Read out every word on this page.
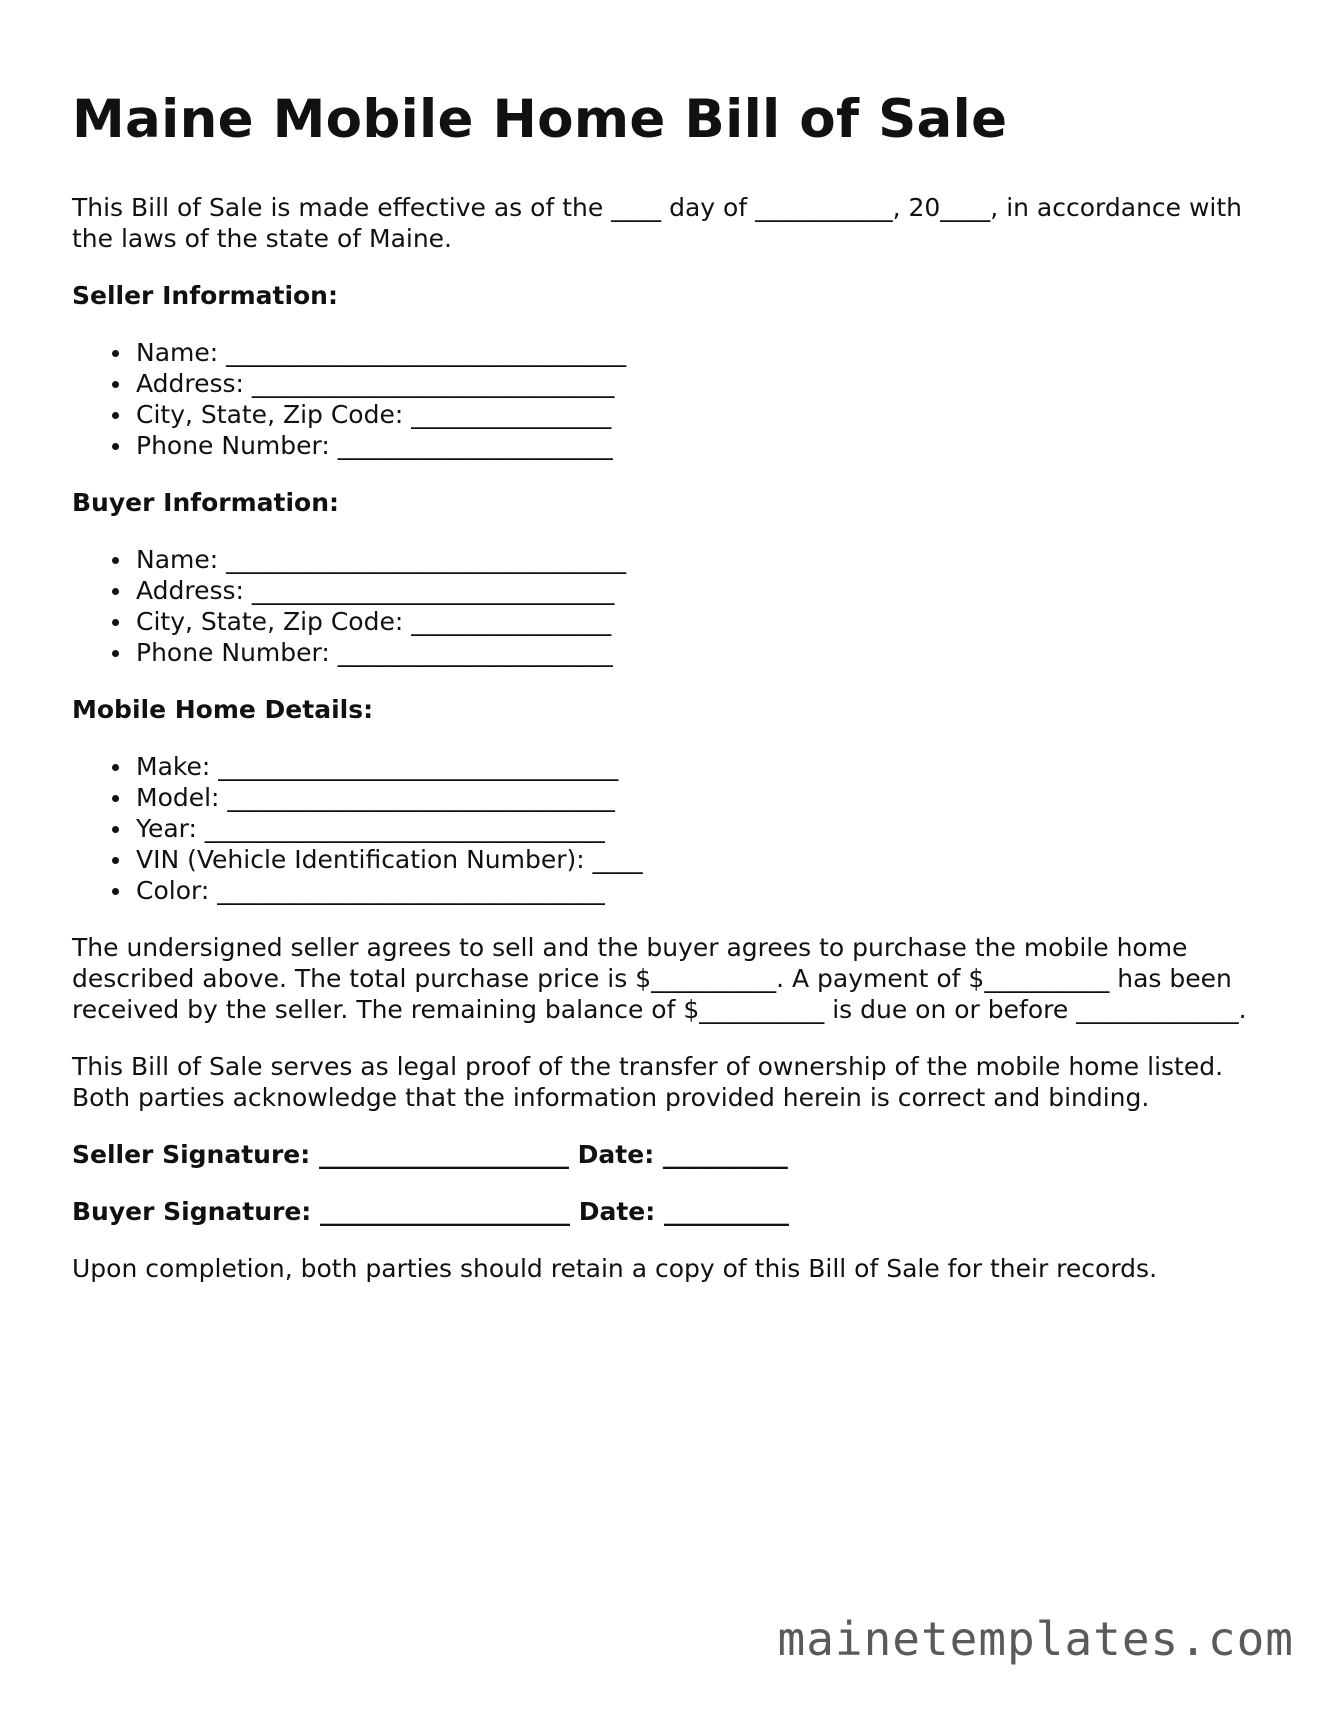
Maine Mobile Home Bill of Sale

This Bill of Sale is made effective as of the ____ day of ___________, 20____, in accordance with the laws of the state of Maine.

Seller Information:
Name: ________________________________
Address: _____________________________
City, State, Zip Code: ________________
Phone Number: ______________________
Buyer Information:
Name: ________________________________
Address: _____________________________
City, State, Zip Code: ________________
Phone Number: ______________________
Mobile Home Details:
Make: ________________________________
Model: _______________________________
Year: ________________________________
VIN (Vehicle Identification Number): ____
Color: _______________________________

The undersigned seller agrees to sell and the buyer agrees to purchase the mobile home described above. The total purchase price is $__________. A payment of $__________ has been received by the seller. The remaining balance of $__________ is due on or before _____________.

This Bill of Sale serves as legal proof of the transfer of ownership of the mobile home listed. Both parties acknowledge that the information provided herein is correct and binding.

Seller Signature: ____________________ Date: __________

Buyer Signature: ____________________ Date: __________

Upon completion, both parties should retain a copy of this Bill of Sale for their records.

mainetemplates.com
